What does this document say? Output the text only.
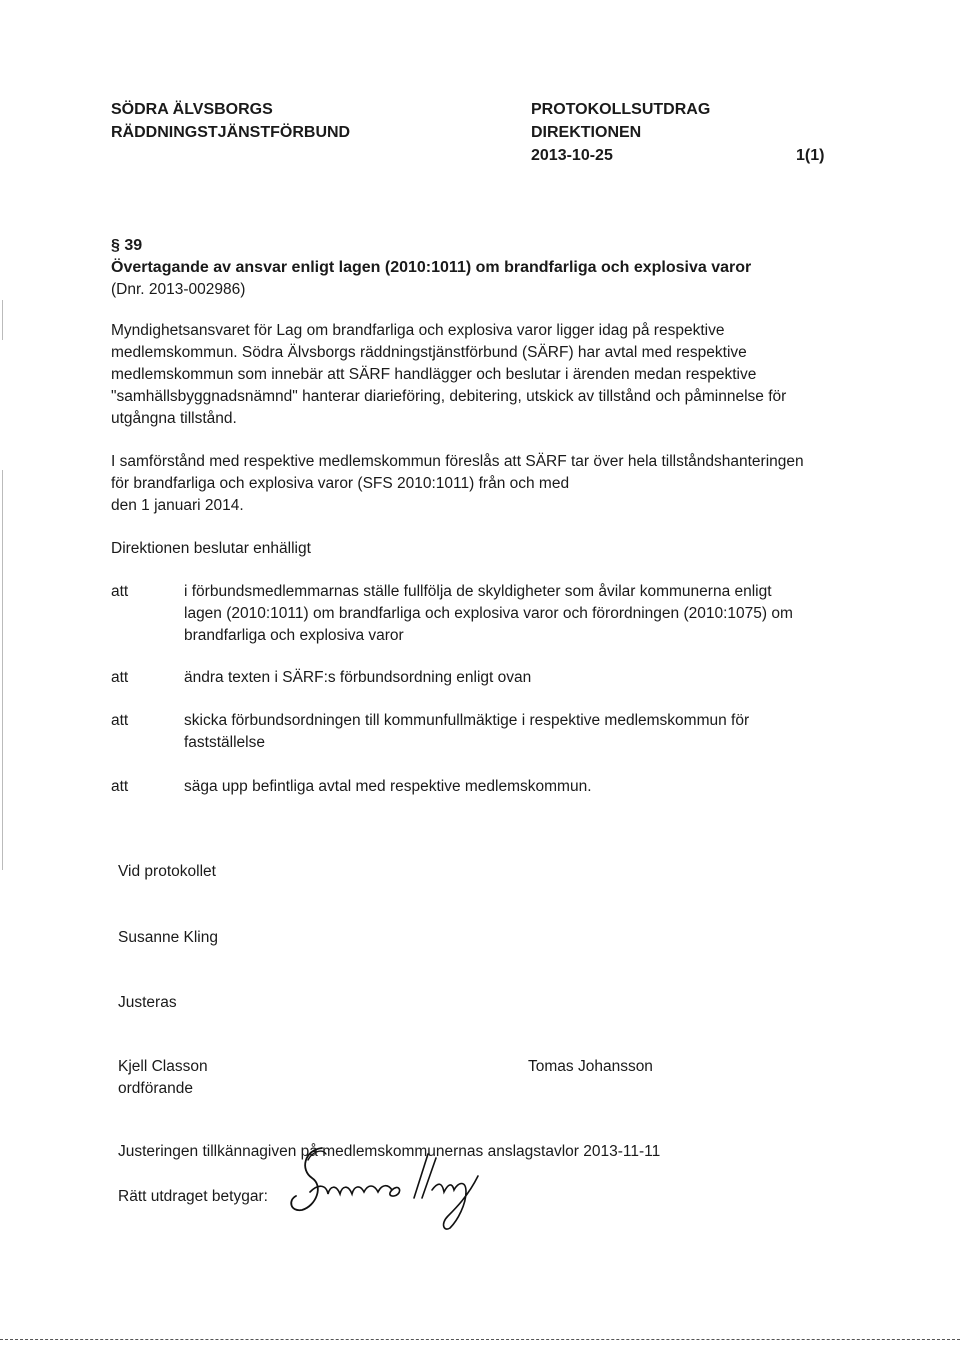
SÖDRA ÄLVSBORGS
RÄDDNINGSTJÄNSTFÖRBUND
PROTOKOLLSUTDRAG
DIREKTIONEN
2013-10-25	1(1)
§ 39
Övertagande av ansvar enligt lagen (2010:1011) om brandfarliga och explosiva varor
(Dnr. 2013-002986)

Myndighetsansvaret för Lag om brandfarliga och explosiva varor ligger idag på respektive

medlemskommun. Södra Älvsborgs räddningstjänstförbund (SÄRF) har avtal med respektive

medlemskommun som innebär att SÄRF handlägger och beslutar i ärenden medan respektive

"samhällsbyggnadsnämnd" hanterar diarieföring, debitering, utskick av tillstånd och påminnelse för

utgångna tillstånd.

I samförstånd med respektive medlemskommun föreslås att SÄRF tar över hela tillståndshanteringen

för brandfarliga och explosiva varor (SFS 2010:1011) från och med

den 1 januari 2014.

Direktionen beslutar enhälligt
att	i förbundsmedlemmarnas ställe fullfölja de skyldigheter som åvilar kommunerna enligt
lagen (2010:1011) om brandfarliga och explosiva varor och förordningen (2010:1075) om
brandfarliga och explosiva varor
att	ändra texten i SÄRF:s förbundsordning enligt ovan
att	skicka förbundsordningen till kommunfullmäktige i respektive medlemskommun för
fastställelse
att	säga upp befintliga avtal med respektive medlemskommun.
Vid protokollet
Susanne Kling
Justeras
Kjell Classon
ordförande
Tomas Johansson
Justeringen tillkännagiven på medlemskommunernas anslagstavlor 2013-11-11
Rätt utdraget betygar:
